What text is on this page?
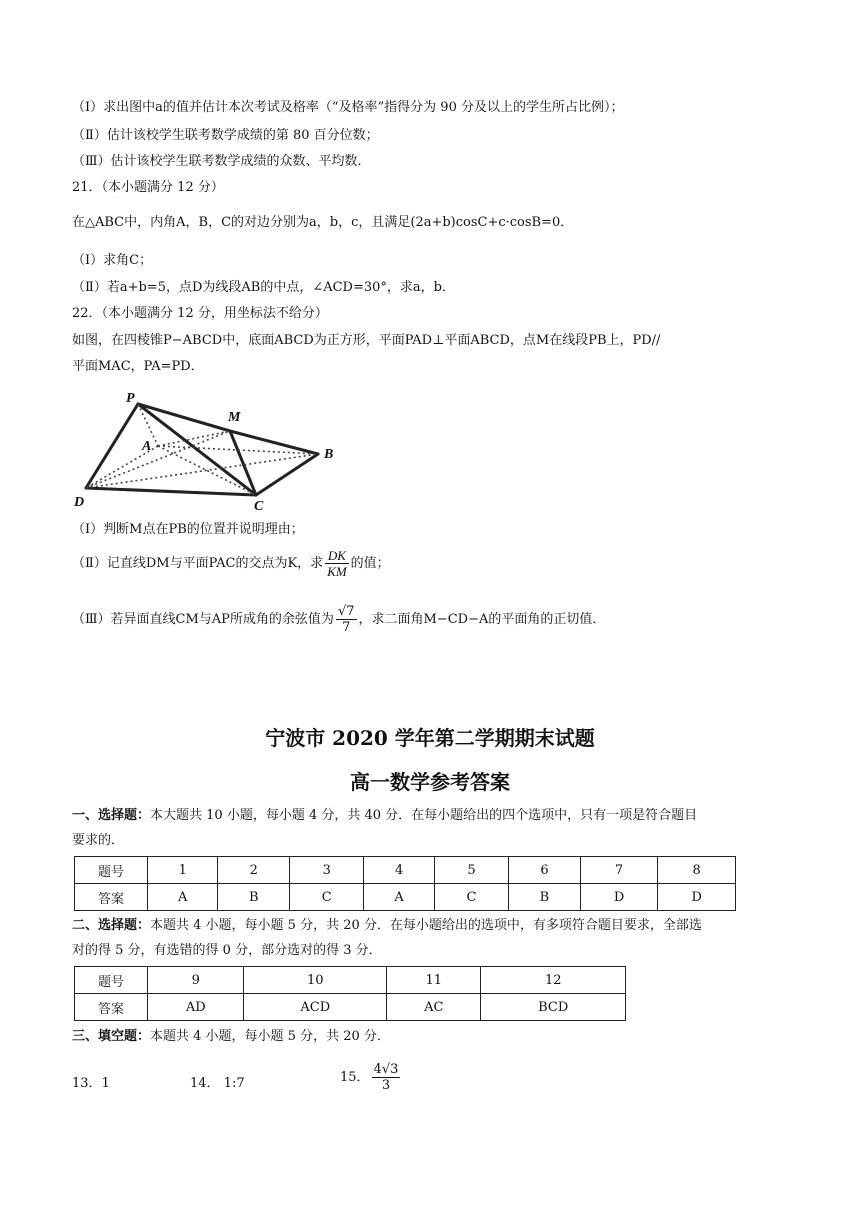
（Ⅰ）求出图中a的值并估计本次考试及格率（“及格率”指得分为 90 分及以上的学生所占比例）；
（Ⅱ）估计该校学生联考数学成绩的第 80 百分位数；
（Ⅲ）估计该校学生联考数学成绩的众数、平均数．
21．（本小题满分 12 分）
在△ABC中，内角A，B，C的对边分别为a，b，c，且满足(2a+b)cosC+c·cosB=0．
（Ⅰ）求角C；
（Ⅱ）若a+b=5，点D为线段AB的中点，∠ACD=30°，求a，b．
22．（本小题满分 12 分，用坐标法不给分）
如图，在四棱锥P−ABCD中，底面ABCD为正方形，平面PAD⊥平面ABCD，点M在线段PB上，PD//
平面MAC，PA=PD．
P
M
A
B
D	C
（Ⅰ）判断M点在PB的位置并说明理由；
（Ⅱ）记直线DM与平面PAC的交点为K，求 $\frac{DK}{KM}$ 的值；
（Ⅲ）若异面直线CM与AP所成角的余弦值为 $\frac{√7}{7}$ ，求二面角M−CD−A的平面角的正切值．
宁波市 2020 学年第二学期期末试题
高一数学参考答案
一、选择题：本大题共 10 小题，每小题 4 分，共 40 分．在每小题给出的四个选项中，只有一项是符合题目
要求的．
题号	1	2	3	4	5	6	7	8
答案	A	B	C	A	C	B	D	D
二、选择题：本题共 4 小题，每小题 5 分，共 20 分．在每小题给出的选项中，有多项符合题目要求，全部选
对的得 5 分，有选错的得 0 分，部分选对的得 3 分．
题号	9	10	11	12
答案	AD	ACD	AC	BCD
三、填空题：本题共 4 小题，每小题 5 分，共 20 分．
13．1	14． 1:7	15． $\frac{4√3}{3}$
